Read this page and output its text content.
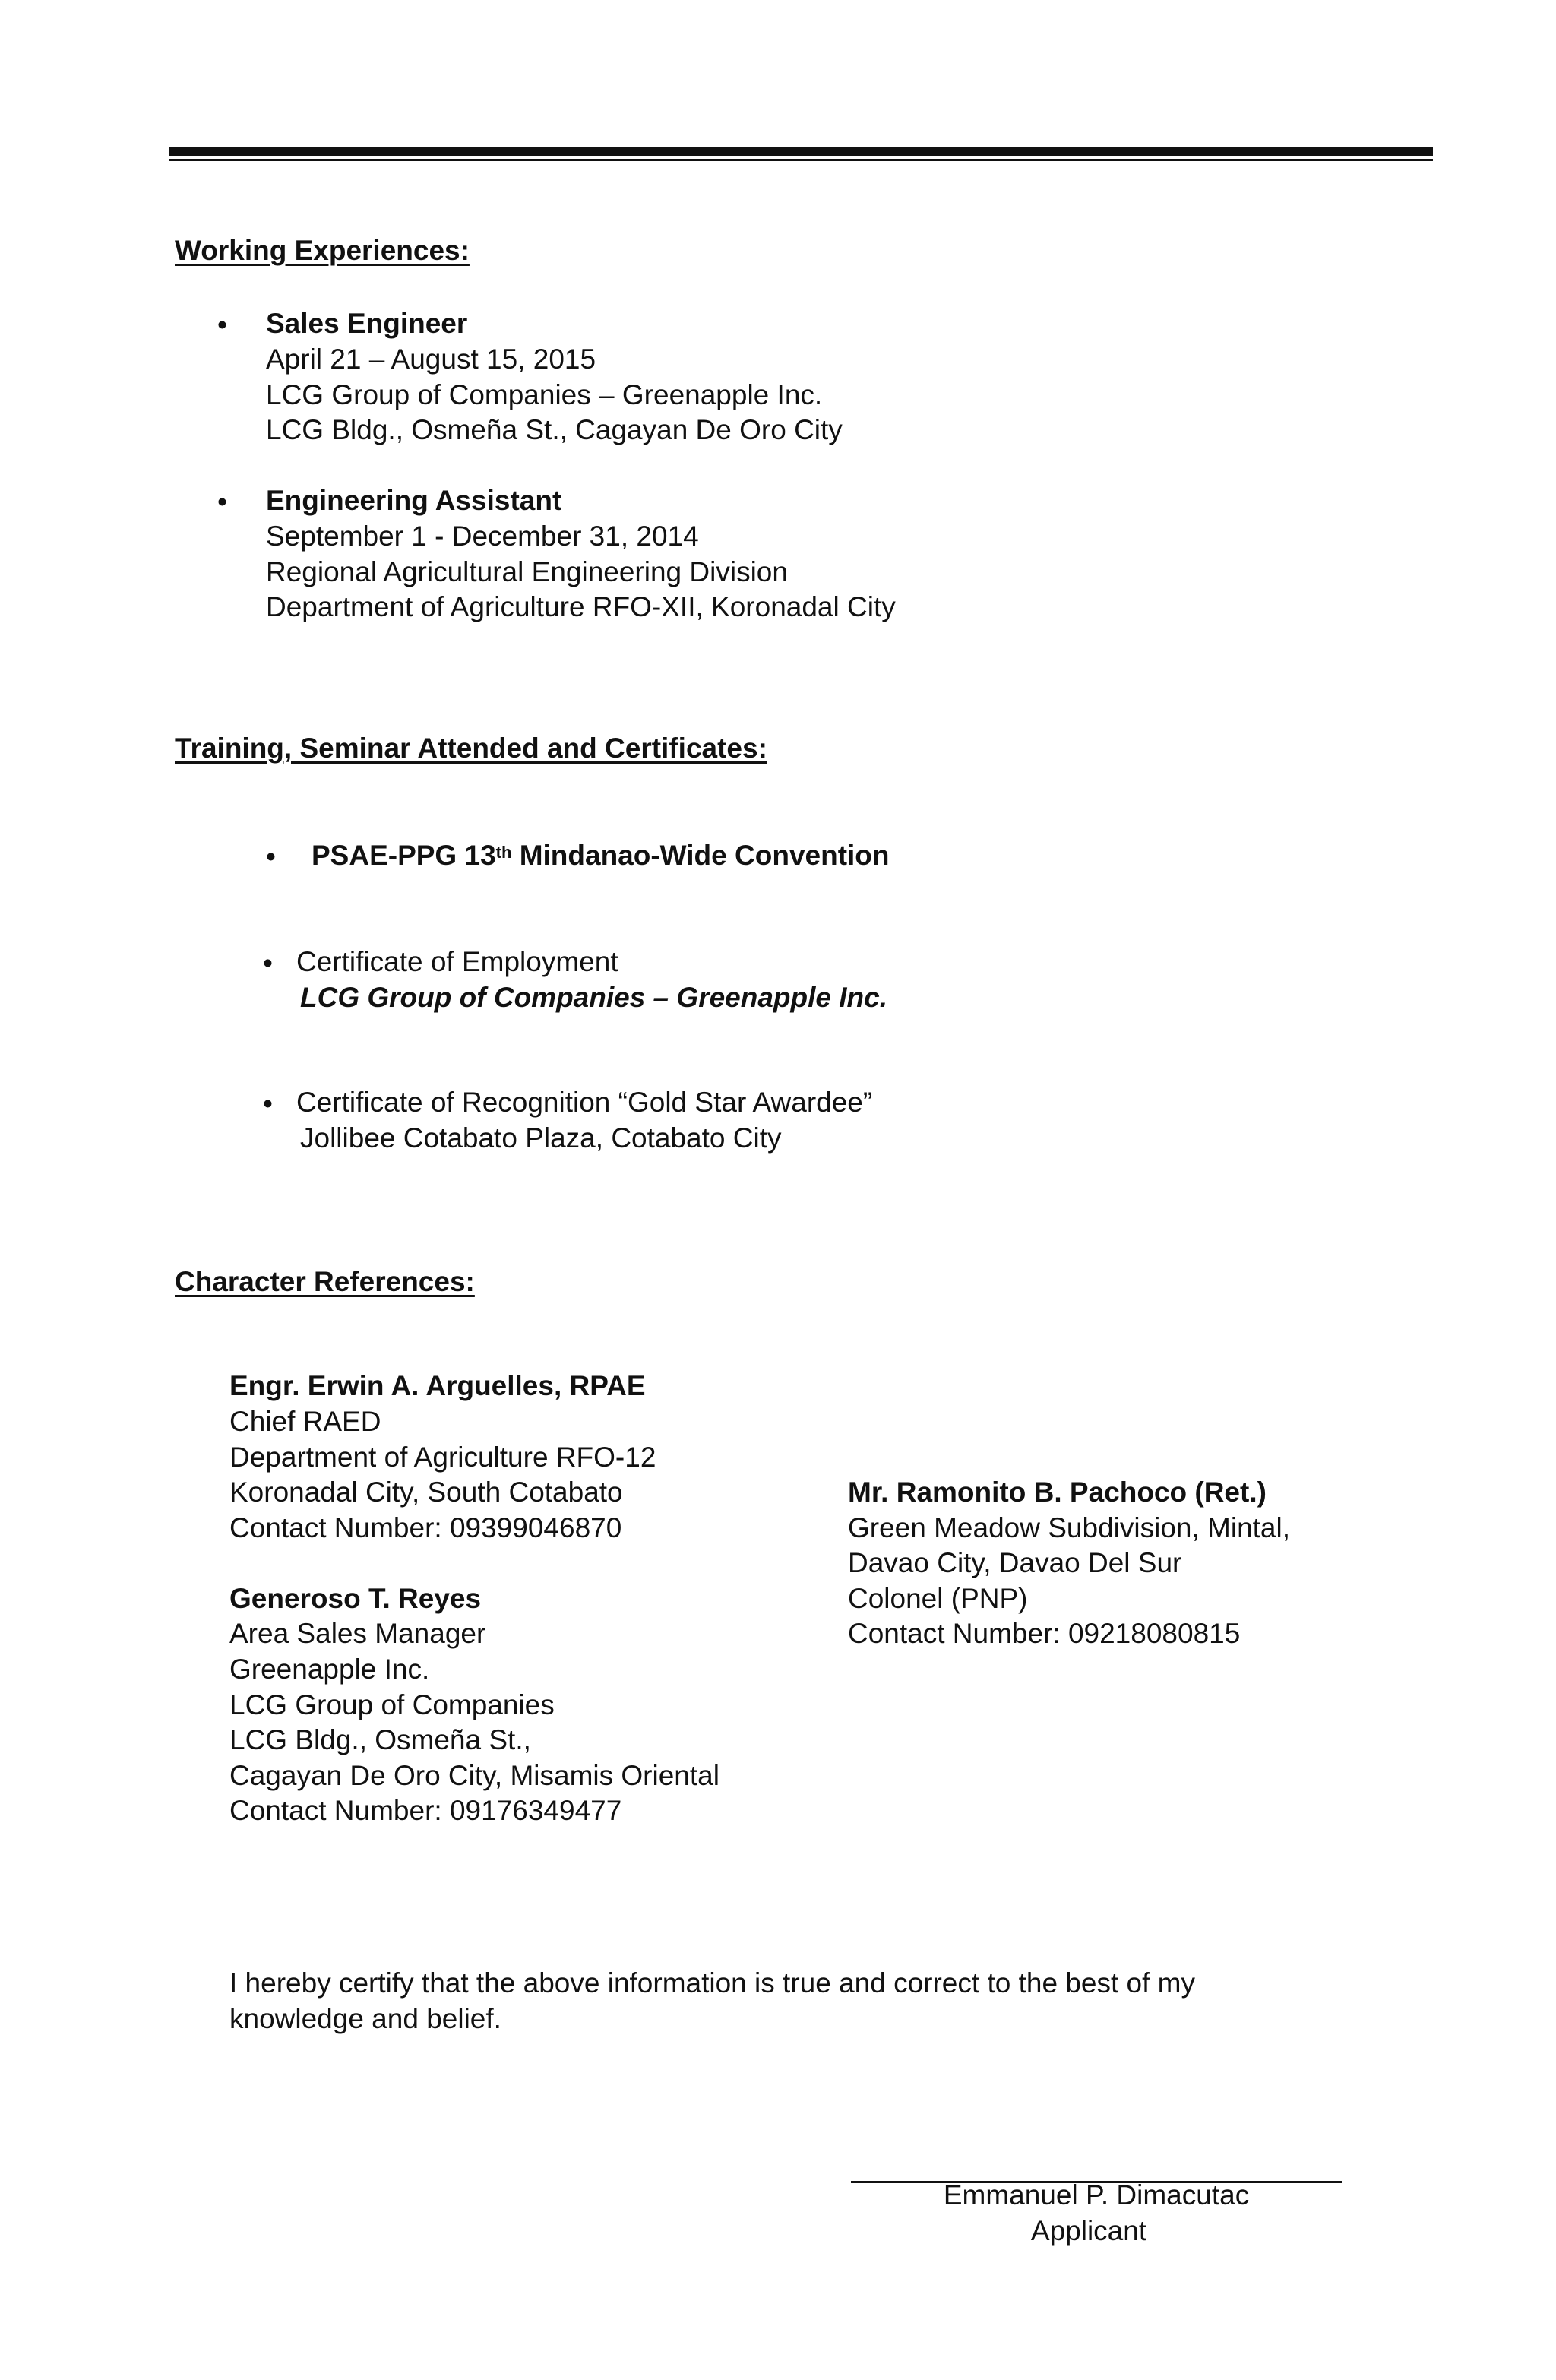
Working Experiences:
• Sales Engineer
April 21 – August 15, 2015
LCG Group of Companies – Greenapple Inc.
LCG Bldg., Osmeña St., Cagayan De Oro City
• Engineering Assistant
September 1 - December 31, 2014
Regional Agricultural Engineering Division
Department of Agriculture RFO-XII, Koronadal City
Training, Seminar Attended and Certificates:
• PSAE-PPG 13th Mindanao-Wide Convention
• Certificate of Employment
LCG Group of Companies – Greenapple Inc.
• Certificate of Recognition “Gold Star Awardee”
Jollibee Cotabato Plaza, Cotabato City
Character References:
Engr. Erwin A. Arguelles, RPAE
Chief RAED
Department of Agriculture RFO-12
Koronadal City, South Cotabato
Contact Number: 09399046870
Generoso T. Reyes
Area Sales Manager
Greenapple Inc.
LCG Group of Companies
LCG Bldg., Osmeña St.,
Cagayan De Oro City, Misamis Oriental
Contact Number: 09176349477
Mr. Ramonito B. Pachoco (Ret.)
Green Meadow Subdivision, Mintal,
Davao City, Davao Del Sur
Colonel (PNP)
Contact Number: 09218080815
I hereby certify that the above information is true and correct to the best of my
knowledge and belief.
Emmanuel P. Dimacutac
Applicant
